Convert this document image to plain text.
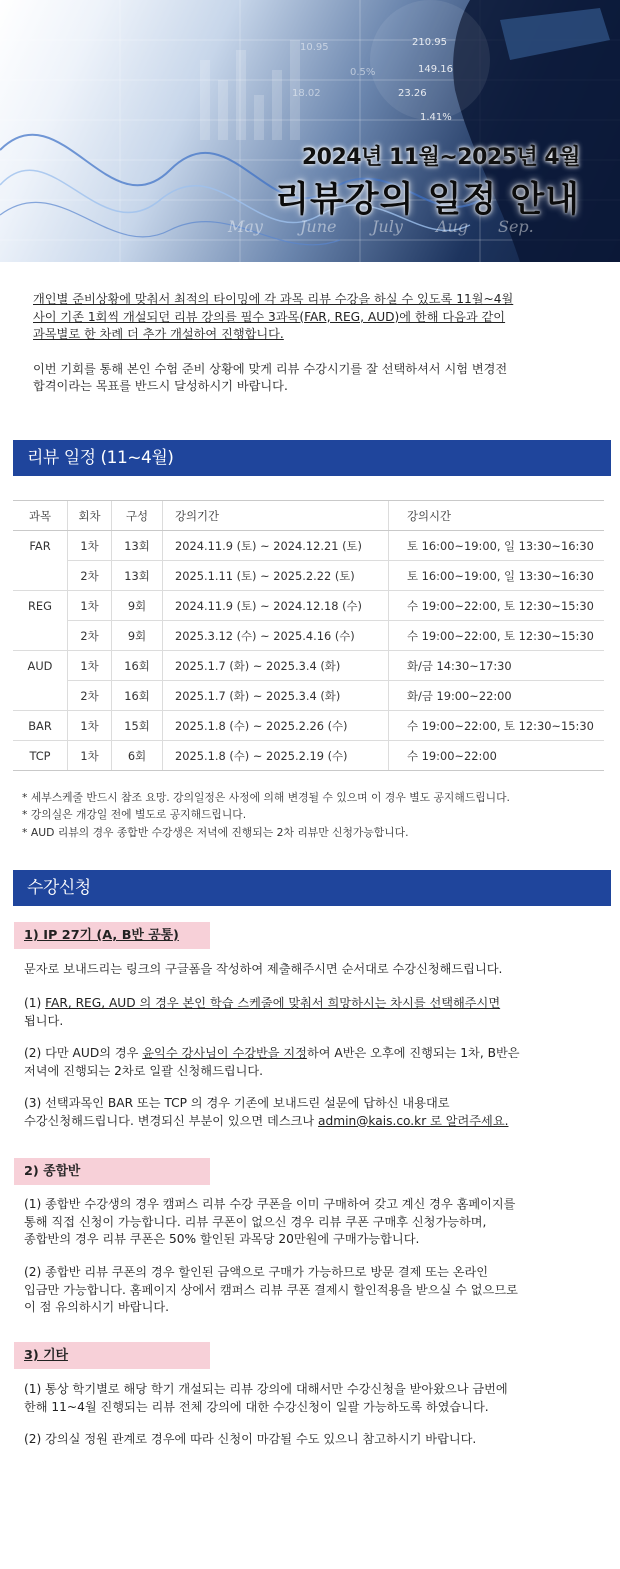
210.95
149.16
23.26
1.41%
18.02
10.95
0.5%
May June July Aug Sep.
2024년 11월~2025년 4월
리뷰강의 일정 안내

개인별 준비상황에 맞춰서 최적의 타이밍에 각 과목 리뷰 수강을 하실 수 있도록 11월~4월
사이 기존 1회씩 개설되던 리뷰 강의를 필수 3과목(FAR, REG, AUD)에 한해 다음과 같이
과목별로 한 차례 더 추가 개설하여 진행합니다.

이번 기회를 통해 본인 수험 준비 상황에 맞게 리뷰 수강시기를 잘 선택하셔서 시험 변경전
합격이라는 목표를 반드시 달성하시기 바랍니다.

리뷰 일정 (11~4월)
과목	회차	구성	강의기간	강의시간
FAR	1차	13회	2024.11.9 (토) ~ 2024.12.21 (토)	토 16:00~19:00, 일 13:30~16:30
	2차	13회	2025.1.11 (토) ~ 2025.2.22 (토)	토 16:00~19:00, 일 13:30~16:30
REG	1차	9회	2024.11.9 (토) ~ 2024.12.18 (수)	수 19:00~22:00, 토 12:30~15:30
	2차	9회	2025.3.12 (수) ~ 2025.4.16 (수)	수 19:00~22:00, 토 12:30~15:30
AUD	1차	16회	2025.1.7 (화) ~ 2025.3.4 (화)	화/금 14:30~17:30
	2차	16회	2025.1.7 (화) ~ 2025.3.4 (화)	화/금 19:00~22:00
BAR	1차	15회	2025.1.8 (수) ~ 2025.2.26 (수)	수 19:00~22:00, 토 12:30~15:30
TCP	1차	6회	2025.1.8 (수) ~ 2025.2.19 (수)	수 19:00~22:00
* 세부스케줄 반드시 참조 요망. 강의일정은 사정에 의해 변경될 수 있으며 이 경우 별도 공지해드립니다.
* 강의실은 개강일 전에 별도로 공지해드립니다.
* AUD 리뷰의 경우 종합반 수강생은 저녁에 진행되는 2차 리뷰만 신청가능합니다.
수강신청
1) IP 27기 (A, B반 공통)
문자로 보내드리는 링크의 구글폼을 작성하여 제출해주시면 순서대로 수강신청해드립니다.
(1) FAR, REG, AUD 의 경우 본인 학습 스케줄에 맞춰서 희망하시는 차시를 선택해주시면
됩니다.
(2) 다만 AUD의 경우 윤익수 강사님이 수강반을 지정하여 A반은 오후에 진행되는 1차, B반은
저녁에 진행되는 2차로 일괄 신청해드립니다.
(3) 선택과목인 BAR 또는 TCP 의 경우 기존에 보내드린 설문에 답하신 내용대로
수강신청해드립니다. 변경되신 부분이 있으면 데스크나 admin@kais.co.kr 로 알려주세요.
2) 종합반
(1) 종합반 수강생의 경우 캠퍼스 리뷰 수강 쿠폰을 이미 구매하여 갖고 계신 경우 홈페이지를
통해 직접 신청이 가능합니다. 리뷰 쿠폰이 없으신 경우 리뷰 쿠폰 구매후 신청가능하며,
종합반의 경우 리뷰 쿠폰은 50% 할인된 과목당 20만원에 구매가능합니다.
(2) 종합반 리뷰 쿠폰의 경우 할인된 금액으로 구매가 가능하므로 방문 결제 또는 온라인
입금만 가능합니다. 홈페이지 상에서 캠퍼스 리뷰 쿠폰 결제시 할인적용을 받으실 수 없으므로
이 점 유의하시기 바랍니다.
3) 기타
(1) 통상 학기별로 해당 학기 개설되는 리뷰 강의에 대해서만 수강신청을 받아왔으나 금번에
한해 11~4월 진행되는 리뷰 전체 강의에 대한 수강신청이 일괄 가능하도록 하였습니다.
(2) 강의실 정원 관계로 경우에 따라 신청이 마감될 수도 있으니 참고하시기 바랍니다.
